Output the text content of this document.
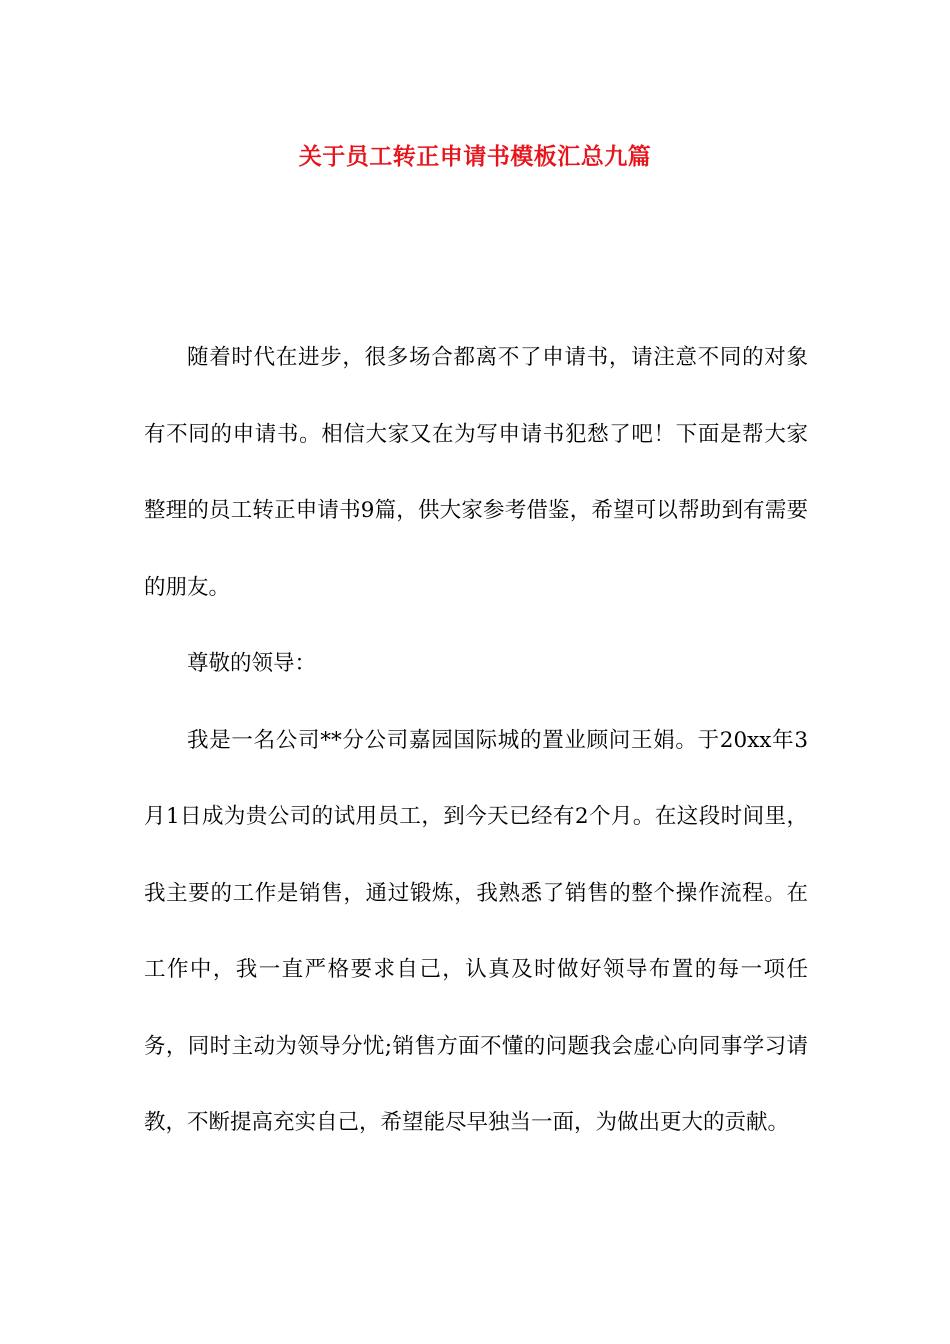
关于员工转正申请书模板汇总九篇

随着时代在进步，很多场合都离不了申请书，请注意不同的对象有不同的申请书。相信大家又在为写申请书犯愁了吧！下面是帮大家整理的员工转正申请书9篇，供大家参考借鉴，希望可以帮助到有需要的朋友。

尊敬的领导：

我是一名公司**分公司嘉园国际城的置业顾问王娟。于20xx年3月1日成为贵公司的试用员工，到今天已经有2个月。在这段时间里，我主要的工作是销售，通过锻炼，我熟悉了销售的整个操作流程。在工作中，我一直严格要求自己，认真及时做好领导布置的每一项任务，同时主动为领导分忧;销售方面不懂的问题我会虚心向同事学习请教，不断提高充实自己，希望能尽早独当一面，为做出更大的贡献。
